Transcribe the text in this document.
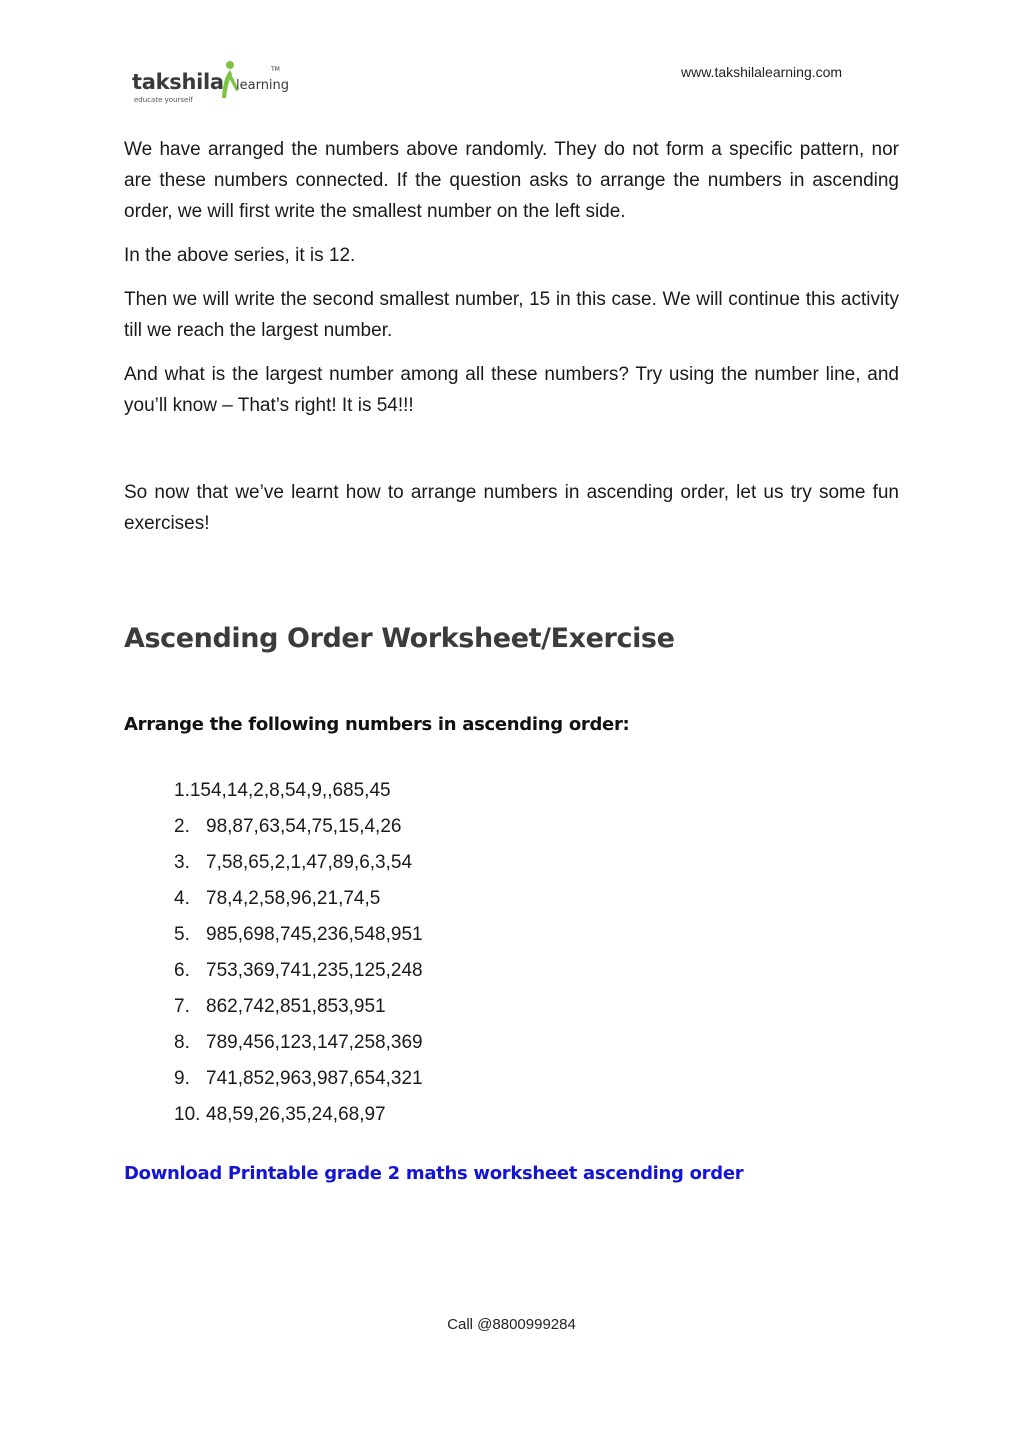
takshila learning
TM
educate yourself
www.takshilalearning.com

We have arranged the numbers above randomly. They do not form a specific pattern, nor are these numbers connected. If the question asks to arrange the numbers in ascending order, we will first write the smallest number on the left side.

In the above series, it is 12.

Then we will write the second smallest number, 15 in this case. We will continue this activity till we reach the largest number.

And what is the largest number among all these numbers? Try using the number line, and you’ll know – That’s right! It is 54!!!

So now that we’ve learnt how to arrange numbers in ascending order, let us try some fun exercises!

Ascending Order Worksheet/Exercise
Arrange the following numbers in ascending order:
1. 154,14,2,8,54,9,,685,45
2. 98,87,63,54,75,15,4,26
3. 7,58,65,2,1,47,89,6,3,54
4. 78,4,2,58,96,21,74,5
5. 985,698,745,236,548,951
6. 753,369,741,235,125,248
7. 862,742,851,853,951
8. 789,456,123,147,258,369
9. 741,852,963,987,654,321
10. 48,59,26,35,24,68,97
Download Printable grade 2 maths worksheet ascending order
Call @8800999284
